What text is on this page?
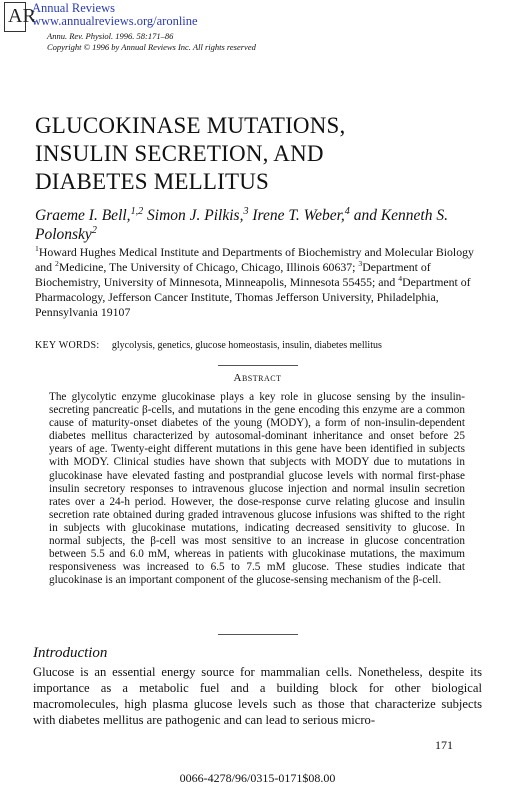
AR
Annual Reviews
www.annualreviews.org/aronline
Annu. Rev. Physiol. 1996. 58:171–86
Copyright © 1996 by Annual Reviews Inc. All rights reserved
GLUCOKINASE MUTATIONS,
INSULIN SECRETION, AND
DIABETES MELLITUS
Graeme I. Bell,$^{1,2}$ Simon J. Pilkis,$^3$ Irene T. Weber,$^4$ and Kenneth S. Polonsky$^2$
$^1$Howard Hughes Medical Institute and Departments of Biochemistry and Molecular Biology and $^2$Medicine, The University of Chicago, Chicago, Illinois 60637; $^3$Department of Biochemistry, University of Minnesota, Minneapolis, Minnesota 55455; and $^4$Department of Pharmacology, Jefferson Cancer Institute, Thomas Jefferson University, Philadelphia, Pennsylvania 19107
KEY WORDS: glycolysis, genetics, glucose homeostasis, insulin, diabetes mellitus
Abstract

The glycolytic enzyme glucokinase plays a key role in glucose sensing by the insulin-secreting pancreatic β-cells, and mutations in the gene encoding this enzyme are a common cause of maturity-onset diabetes of the young (MODY), a form of non-insulin-dependent diabetes mellitus characterized by autosomal-dominant inheritance and onset before 25 years of age. Twenty-eight different mutations in this gene have been identified in subjects with MODY. Clinical studies have shown that subjects with MODY due to mutations in glucokinase have elevated fasting and postprandial glucose levels with normal first-phase insulin secretory responses to intravenous glucose injection and normal insulin secretion rates over a 24-h period. However, the dose-response curve relating glucose and insulin secretion rate obtained during graded intravenous glucose infusions was shifted to the right in subjects with glucokinase mutations, indicating decreased sensitivity to glucose. In normal subjects, the β-cell was most sensitive to an increase in glucose concentration between 5.5 and 6.0 mM, whereas in patients with glucokinase mutations, the maximum responsiveness was increased to 6.5 to 7.5 mM glucose. These studies indicate that glucokinase is an important component of the glucose-sensing mechanism of the β-cell.

Introduction

Glucose is an essential energy source for mammalian cells. Nonetheless, despite its importance as a metabolic fuel and a building block for other biological macromolecules, high plasma glucose levels such as those that characterize subjects with diabetes mellitus are pathogenic and can lead to serious micro-

171
0066-4278/96/0315-0171$08.00
